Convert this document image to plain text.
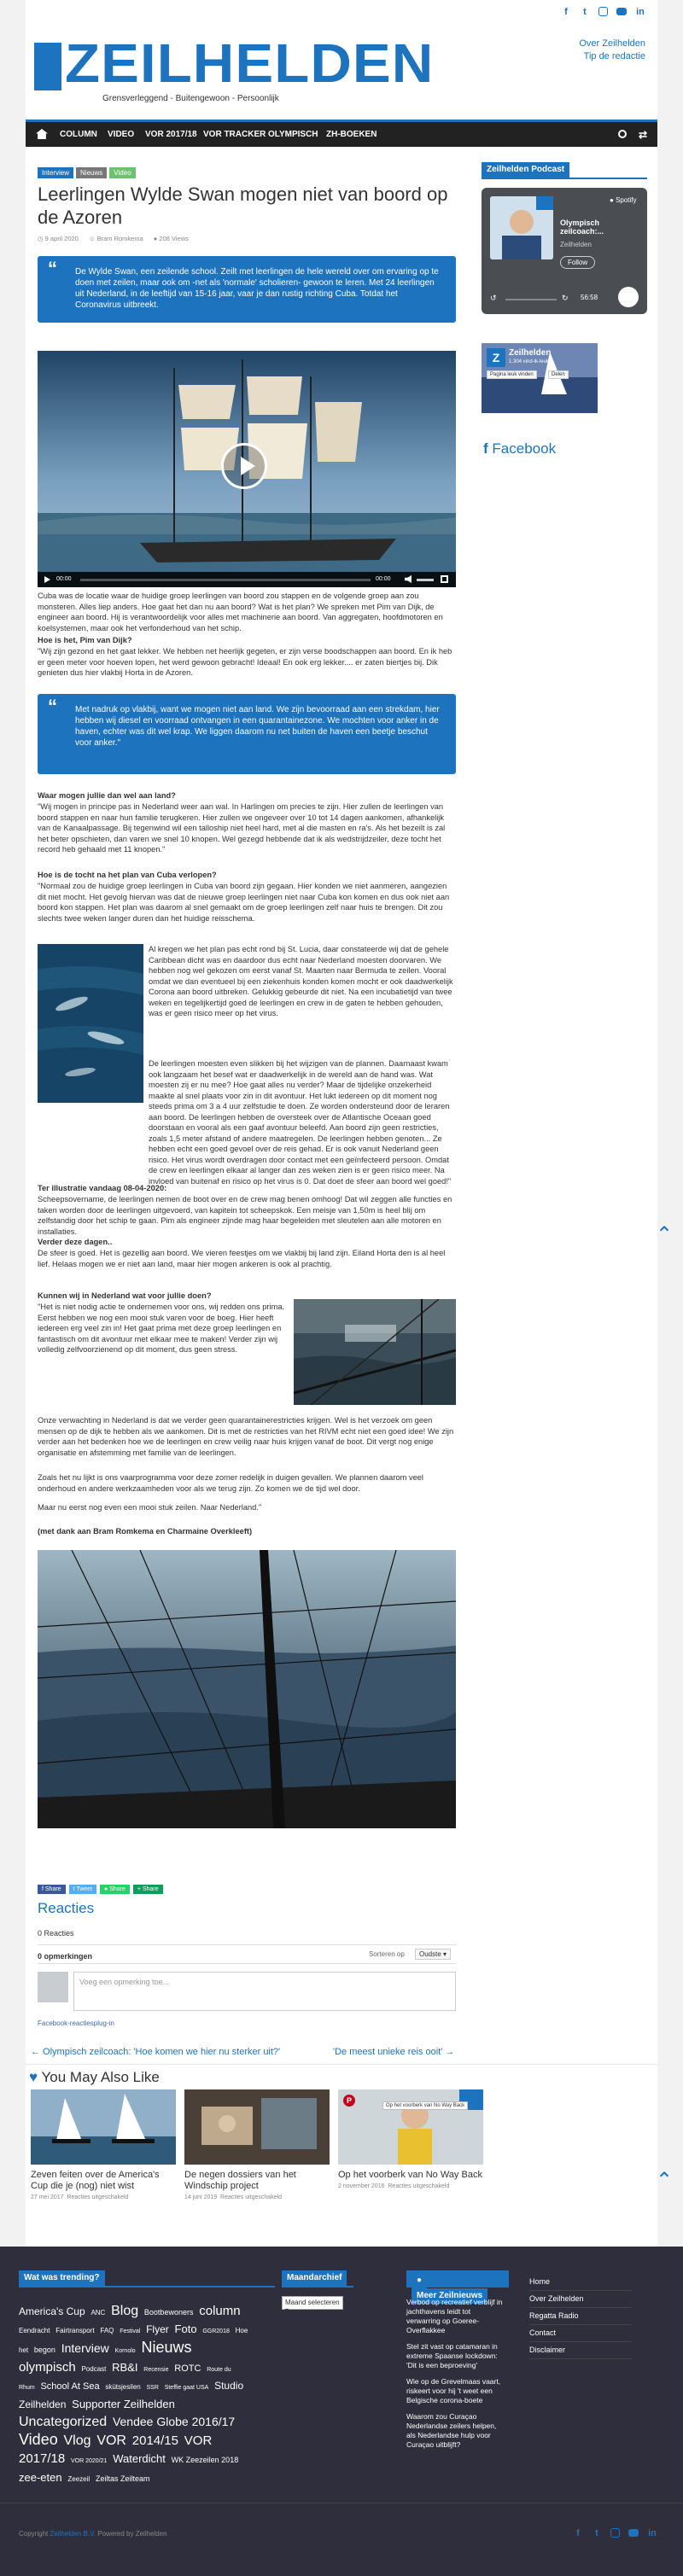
f	t	in
Over Zeilhelden
Tip de redactie
ZEILHELDEN
Grensverleggend - Buitengewoon - Persoonlijk
COLUMN VIDEO VOR 2017/18 VOR TRACKER OLYMPISCH ZH-BOEKEN	⇄
Interview	Nieuws	Video
Leerlingen Wylde Swan mogen niet van boord op de Azoren
◷ 9 april 2020 ☺ Bram Romkema ● 208 Views
“ De Wylde Swan, een zeilende school. Zeilt met leerlingen de hele wereld over om ervaring op te doen met zeilen, maar ook om -net als 'normale' scholieren- gewoon te leren. Met 24 leerlingen uit Nederland, in de leeftijd van 15-16 jaar, vaar je dan rustig richting Cuba. Totdat het Coronavirus uitbreekt.
00:00	00:00
Cuba was de locatie waar de huidige groep leerlingen van boord zou stappen en de volgende groep aan zou monsteren. Alles liep anders. Hoe gaat het dan nu aan boord? Wat is het plan? We spreken met Pim van Dijk, de engineer aan boord. Hij is verantwoordelijk voor alles met machinerie aan boord. Van aggregaten, hoofdmotoren en koelsystemen, maar ook het verfonderhoud van het schip.
Hoe is het, Pim van Dijk?
"Wij zijn gezond en het gaat lekker. We hebben net heerlijk gegeten, er zijn verse boodschappen aan boord. En ik heb er geen meter voor hoeven lopen, het werd gewoon gebracht! Ideaal! En ook erg lekker.... er zaten biertjes bij. Dik genieten dus hier vlakbij Horta in de Azoren.
“ Met nadruk op vlakbij, want we mogen niet aan land. We zijn bevoorraad aan een strekdam, hier hebben wij diesel en voorraad ontvangen in een quarantainezone. We mochten voor anker in de haven, echter was dit wel krap. We liggen daarom nu net buiten de haven een beetje beschut voor anker."
Waar mogen jullie dan wel aan land?
"Wij mogen in principe pas in Nederland weer aan wal. In Harlingen om precies te zijn. Hier zullen de leerlingen van boord stappen en naar hun familie terugkeren. Hier zullen we ongeveer over 10 tot 14 dagen aankomen, afhankelijk van de Kanaalpassage. Bij tegenwind wil een talloship niet heel hard, met al die masten en ra's. Als het bezeilt is zal het beter opschieten, dan varen we snel 10 knopen. Wel gezegd hebbende dat ik als wedstrijdzeiler, deze tocht het record heb gehaald met 11 knopen."
Hoe is de tocht na het plan van Cuba verlopen?
"Normaal zou de huidige groep leerlingen in Cuba van boord zijn gegaan. Hier konden we niet aanmeren, aangezien dit niet mocht. Het gevolg hiervan was dat de nieuwe groep leerlingen niet naar Cuba kon komen en dus ook niet aan boord kon stappen. Het plan was daarom al snel gemaakt om de groep leerlingen zelf naar huis te brengen. Dit zou slechts twee weken langer duren dan het huidige reisschema.
Al kregen we het plan pas echt rond bij St. Lucia, daar constateerde wij dat de gehele Caribbean dicht was en daardoor dus echt naar Nederland moesten doorvaren. We hebben nog wel gekozen om eerst vanaf St. Maarten naar Bermuda te zeilen. Vooral omdat we dan eventueel bij een ziekenhuis konden komen mocht er ook daadwerkelijk Corona aan boord uitbreken. Gelukkig gebeurde dit niet. Na een incubatietijd van twee weken en tegelijkertijd goed de leerlingen en crew in de gaten te hebben gehouden, was er geen risico meer op het virus.
De leerlingen moesten even slikken bij het wijzigen van de plannen. Daarnaast kwam ook langzaam het besef wat er daadwerkelijk in de wereld aan de hand was. Wat moesten zij er nu mee? Hoe gaat alles nu verder? Maar de tijdelijke onzekerheid maakte al snel plaats voor zin in dit avontuur. Het lukt iedereen op dit moment nog steeds prima om 3 a 4 uur zelfstudie te doen. Ze worden ondersteund door de leraren aan boord. De leerlingen hebben de oversteek over de Atlantische Oceaan goed doorstaan en vooral als een gaaf avontuur beleefd. Aan boord zijn geen restricties, zoals 1,5 meter afstand of andere maatregelen. De leerlingen hebben genoten... Ze hebben echt een goed gevoel over de reis gehad. Er is ook vanuit Nederland geen risico. Het virus wordt overdragen door contact met een geïnfecteerd persoon. Omdat de crew en leerlingen elkaar al langer dan zes weken zien is er geen risico meer. Na invloed van buitenaf en risico op het virus is 0. Dat doet de sfeer aan boord wel goed!"
Ter illustratie vandaag 08-04-2020:
Scheepsovername, de leerlingen nemen de boot over en de crew mag benen omhoog! Dat wil zeggen alle functies en taken worden door de leerlingen uitgevoerd, van kapitein tot scheepskok. Een meisje van 1,50m is heel blij om zelfstandig door het schip te gaan. Pim als engineer zijnde mag haar begeleiden met sleutelen aan alle motoren en installaties.
Verder deze dagen..
De sfeer is goed. Het is gezellig aan boord. We vieren feestjes om we vlakbij bij land zijn. Eiland Horta den is al heel lief. Helaas mogen we er niet aan land, maar hier mogen ankeren is ook al prachtig.
Kunnen wij in Nederland wat voor jullie doen?
"Het is niet nodig actie te ondernemen voor ons, wij redden ons prima. Eerst hebben we nog een mooi stuk varen voor de boeg. Hier heeft iedereen erg veel zin in! Het gaat prima met deze groep leerlingen en fantastisch om dit avontuur met elkaar mee te maken! Verder zijn wij volledig zelfvoorzienend op dit moment, dus geen stress.
Onze verwachting in Nederland is dat we verder geen quarantainerestricties krijgen. Wel is het verzoek om geen mensen op de dijk te hebben als we aankomen. Dit is met de restricties van het RIVM echt niet een goed idee! We zijn verder aan het bedenken hoe we de leerlingen en crew veilig naar huis krijgen vanaf de boot. Dit vergt nog enige organisatie en afstemming met familie van de leerlingen.
Zoals het nu lijkt is ons vaarprogramma voor deze zomer redelijk in duigen gevallen. We plannen daarom veel onderhoud en andere werkzaamheden voor als we terug zijn. Zo komen we de tijd wel door.
Maar nu eerst nog even een mooi stuk zeilen. Naar Nederland."
(met dank aan Bram Romkema en Charmaine Overkleeft)
f Share	t Tweet	● Share	+ Share
Reacties
0 Reacties
0 opmerkingen	Sorteren op	Oudste ▾
Voeg een opmerking toe...
Facebook-reactiesplug-in
← Olympisch zeilcoach: 'Hoe komen we hier nu sterker uit?'	'De meest unieke reis ooit' →
♥ You May Also Like
Zeven feiten over de America's Cup die je (nog) niet wist
27 mei 2017 Reacties uitgeschakeld
De negen dossiers van het Windschip project
14 juni 2019 Reacties uitgeschakeld
P
Op het voorberk van No Way Back
Op het voorberk van No Way Back
2 november 2016 Reacties uitgeschakeld
⌃
⌃
Zeilhelden Podcast
● Spotify
Olympisch zeilcoach:...
Zeilhelden
Follow
↺	↻ 56:58
Z	Zeilhelden
1.304 vind-ik-leuks
Pagina leuk vinden	Delen
f Facebook
Wat was trending?
America's Cup ANC Blog Bootbewoners column Eendracht Fairtransport FAQ Festival Flyer Foto GGR2018 Hoe het begon Interview Kornolo Nieuws olympisch Podcast RB&I Recensie ROTC Route du Rhum School At Sea skütsjesilen SSR Steffie gaat USA Studio Zeilhelden Supporter Zeilhelden Uncategorized Vendee Globe 2016/17 Video Vlog VOR 2014/15 VOR 2017/18 VOR 2020/21 Waterdicht WK Zeezeilen 2018 zee-eten Zeezeil Zeiltas Zeilteam
Maandarchief
Maand selecteren ▾
● Meer Zeilnieuws
Verbod op recreatief verblijf in jachthavens leidt tot verwarring op Goeree-Overflakkee
Stel zit vast op catamaran in extreme Spaanse lockdown: 'Dit is een beproeving'
Wie op de Grevelmaas vaart, riskeert voor hij 't weet een Belgische corona-boete
Waarom zou Curaçao Nederlandse zeilers helpen, als Nederlandse hulp voor Curaçao uitblijft?
Home
Over Zeilhelden
Regatta Radio
Contact
Disclaimer
Copyright Zeilhelden B.V. Powered by Zeilhelden	f	t	in
